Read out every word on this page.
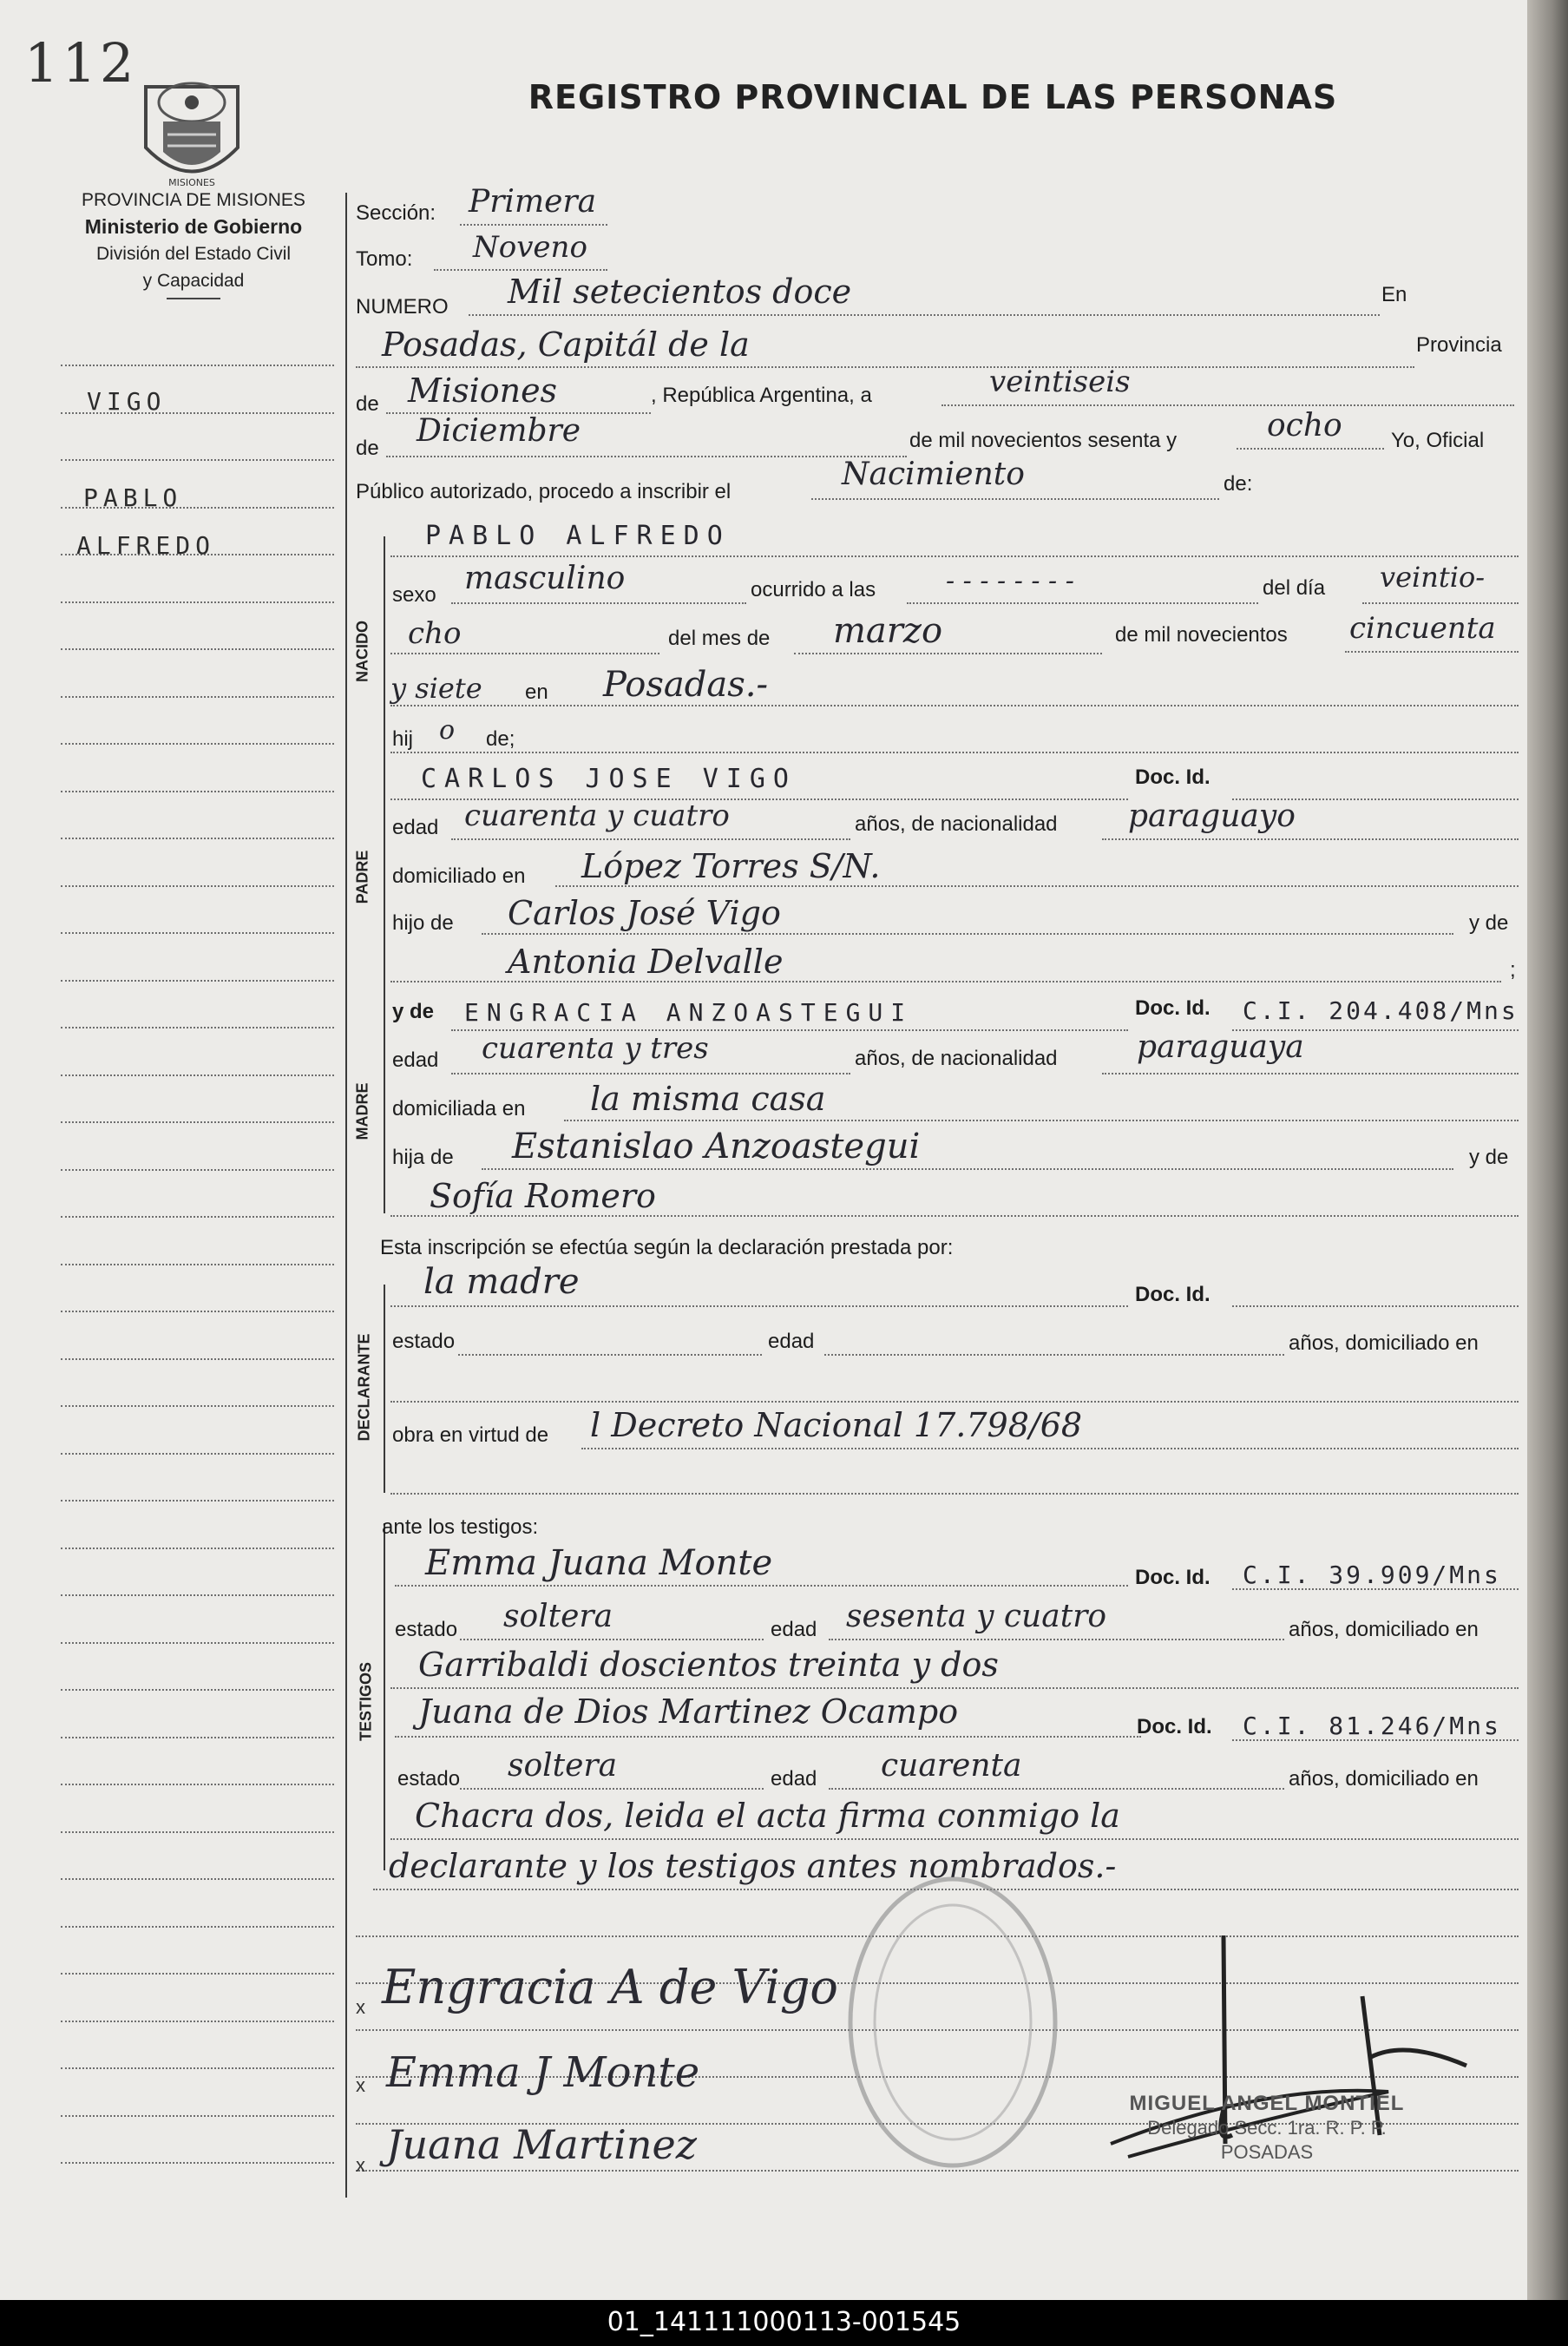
112
MISIONES
REGISTRO PROVINCIAL DE LAS PERSONAS
PROVINCIA DE MISIONES
Ministerio de Gobierno
División del Estado Civil
y Capacidad
VIGO
PABLO
ALFREDO
NACIDO
PADRE
MADRE
DECLARANTE
TESTIGOS
Sección: Primera
Tomo: Noveno
NUMERO Mil setecientos doce	En
Posadas, Capitál de la	Provincia
de Misiones	, República Argentina, a	veintiseis
de Diciembre	de mil novecientos sesenta y	ocho Yo, Oficial
Público autorizado, procedo a inscribir el	Nacimiento	de:
PABLO ALFREDO
sexo masculino	ocurrido a las	- - - - - - - -	del día veintio-
cho	del mes de marzo	de mil novecientos cincuenta
y siete en Posadas.-
hij o de;
CARLOS JOSE VIGO	Doc. Id.
edad cuarenta y cuatro	años, de nacionalidad paraguayo
domiciliado en López Torres S/N.
hijo de Carlos José Vigo	y de
Antonia Delvalle	;
y de ENGRACIA ANZOASTEGUI	Doc. Id. C.I. 204.408/Mns
edad cuarenta y tres	años, de nacionalidad	paraguaya
domiciliada en la misma casa
hija de Estanislao Anzoastegui	y de
Sofía Romero
Esta inscripción se efectúa según la declaración prestada por:
la madre	Doc. Id.
estado	edad	años, domiciliado en
obra en virtud de l Decreto Nacional 17.798/68
ante los testigos:
Emma Juana Monte	Doc. Id. C.I. 39.909/Mns
estado soltera	edad sesenta y cuatro	años, domiciliado en
Garribaldi doscientos treinta y dos
Juana de Dios Martinez Ocampo	Doc. Id. C.I. 81.246/Mns
estado soltera	edad cuarenta	años, domiciliado en
Chacra dos, leida el acta firma conmigo la
declarante y los testigos antes nombrados.-
x Engracia A de Vigo
x Emma J Monte
x Juana Martinez
MIGUEL ANGEL MONTIEL
Delegado Secc. 1ra. R. P. P.
POSADAS
01_141111000113-001545
